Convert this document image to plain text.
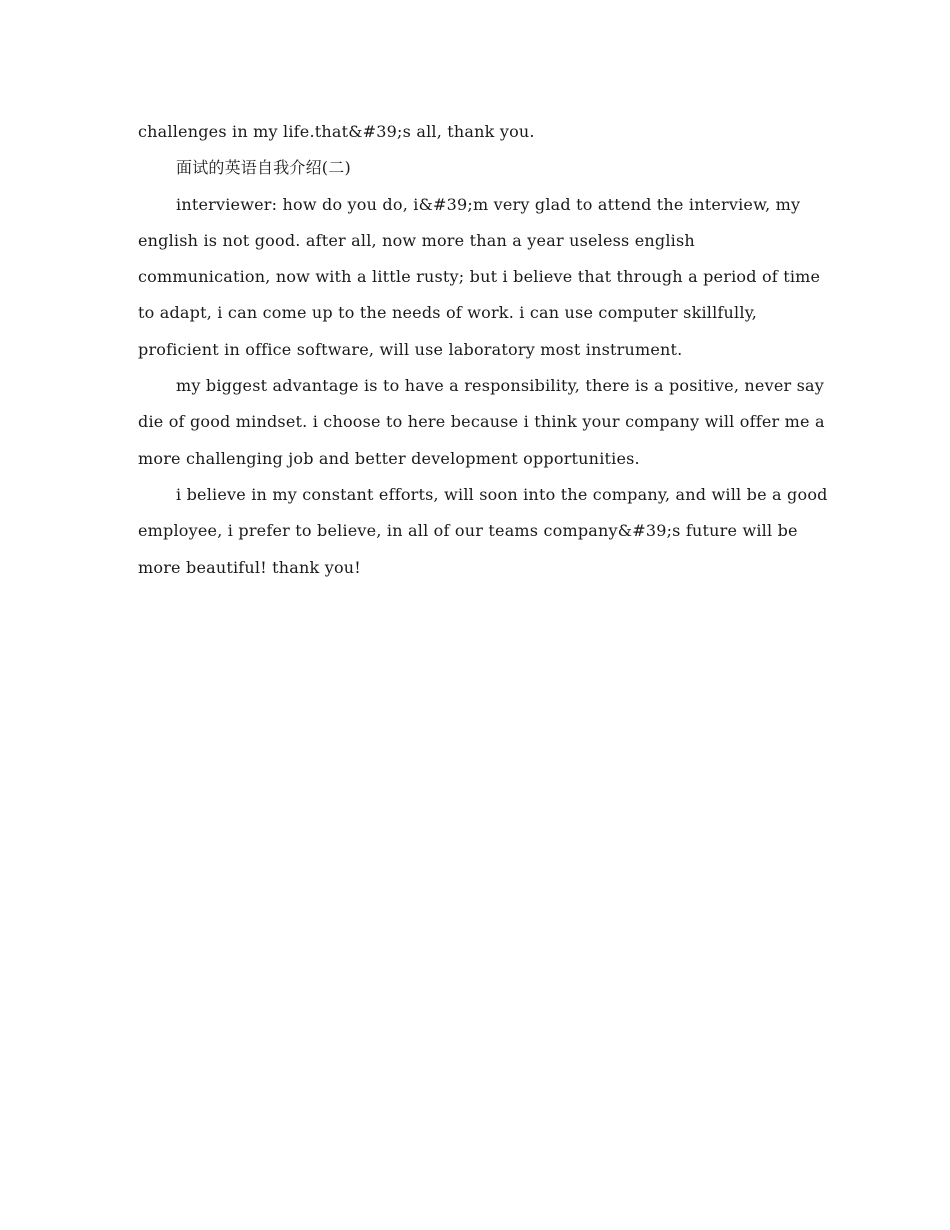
challenges in my life.that&#39;s all, thank you.

面试的英语自我介绍(二)

interviewer: how do you do, i&#39;m very glad to attend the interview, my english is not good. after all, now more than a year useless english communication, now with a little rusty; but i believe that through a period of time to adapt, i can come up to the needs of work. i can use computer skillfully, proficient in office software, will use laboratory most instrument.

my biggest advantage is to have a responsibility, there is a positive, never say die of good mindset. i choose to here because i think your company will offer me a more challenging job and better development opportunities.

i believe in my constant efforts, will soon into the company, and will be a good employee, i prefer to believe, in all of our teams company&#39;s future will be more beautiful! thank you!
